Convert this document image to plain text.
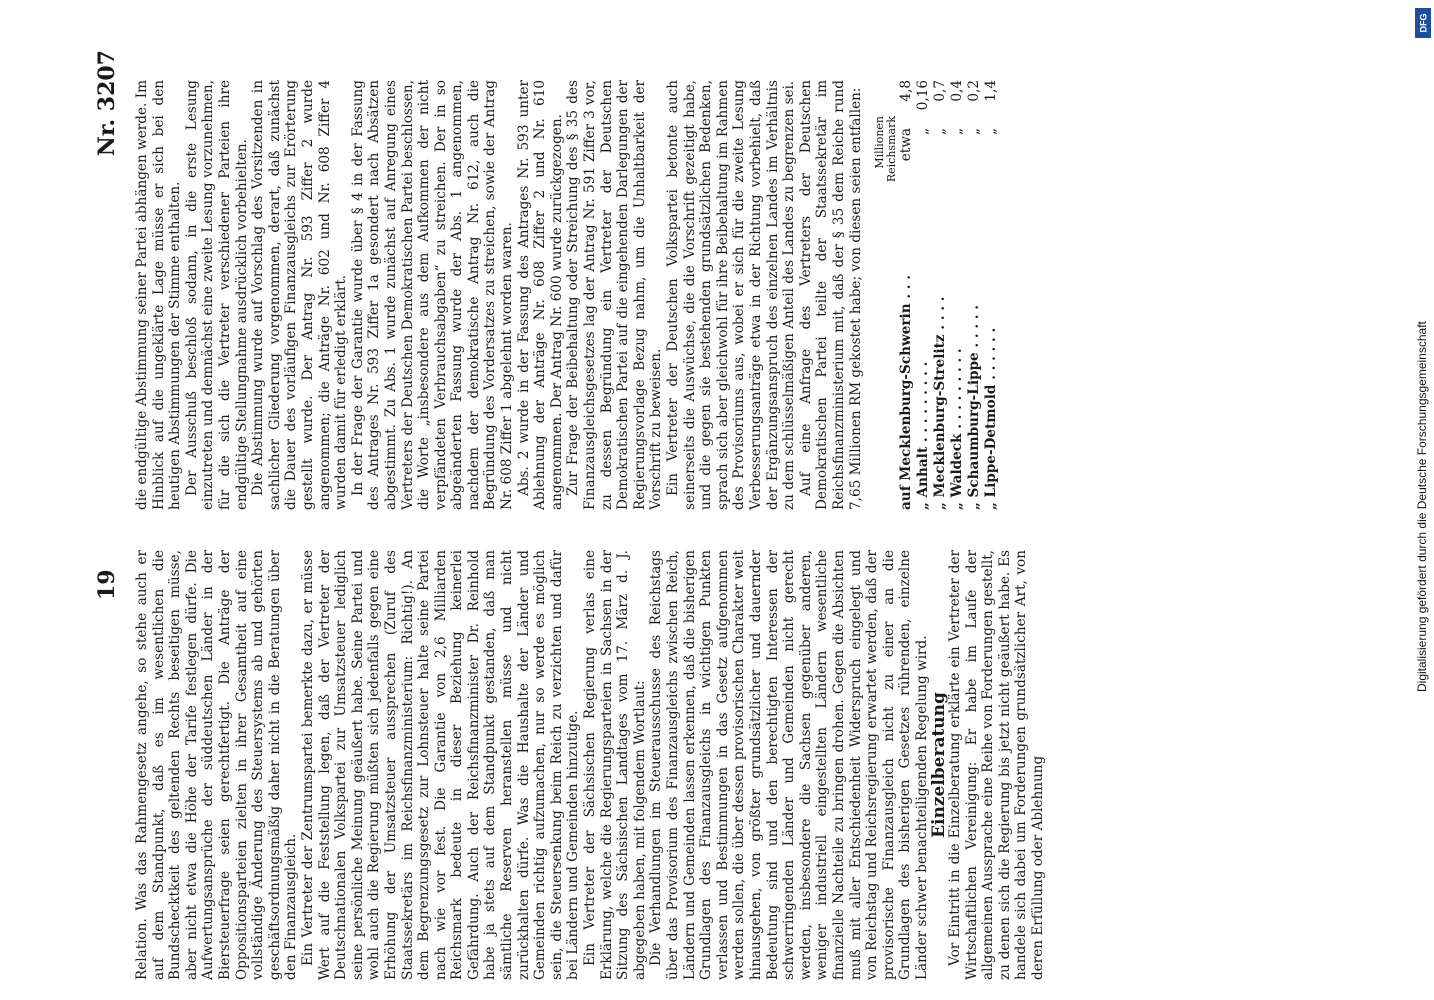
19
Nr. 3207

Relation. Was das Rahmengesetz angehe, so stehe auch er auf dem Standpunkt, daß es im wesentlichen die Bundschecktkeit des geltenden Rechts beseitigen müsse, aber nicht etwa die Höhe der Tarife festlegen dürfe. Die Aufwertungsansprüche der süddeutschen Länder in der Biersteuerfrage seien gerechtfertigt. Die Anträge der Oppositionsparteien zielten in ihrer Gesamtheit auf eine vollständige Änderung des Steuersystems ab und gehörten geschäftsordnungsmäßig daher nicht in die Beratungen über den Finanzausgleich. Ein Vertreter der Zentrumspartei bemerkte dazu, er müsse Wert auf die Feststellung legen, daß der Vertreter der Deutschnationalen Volkspartei zur Umsatzsteuer lediglich seine persönliche Meinung geäußert habe. Seine Partei und wohl auch die Regierung müßten sich jedenfalls gegen eine Erhöhung der Umsatzsteuer aussprechen (Zuruf des Staatssekretärs im Reichsfinanzministerium: Richtig!). An dem Begrenzungsgesetz zur Lohnsteuer halte seine Partei nach wie vor fest. Die Garantie von 2,6 Milliarden Reichsmark bedeute in dieser Beziehung keinerlei Gefährdung. Auch der Reichsfinanzminister Dr. Reinhold habe ja stets auf dem Standpunkt gestanden, daß man sämtliche Reserven heranstellen müsse und nicht zurückhalten dürfe. Was die Haushalte der Länder und Gemeinden richtig aufzumachen, nur so werde es möglich sein, die Steuersenkung beim Reich zu verzichten und dafür bei Ländern und Gemeinden hinzutige. Ein Vertreter der Sächsischen Regierung verlas eine Erklärung, welche die Regierungsparteien in Sachsen in der Sitzung des Sächsischen Landtages vom 17. März d. J. abgegeben haben, mit folgendem Wortlaut: Die Verhandlungen im Steuerausschusse des Reichstags über das Provisorium des Finanzausgleichs zwischen Reich, Ländern und Gemeinden lassen erkennen, daß die bisherigen Grundlagen des Finanzausgleichs in wichtigen Punkten verlassen und Bestimmungen in das Gesetz aufgenommen werden sollen, die über dessen provisorischen Charakter weit hinausgehen, von größter grundsätzlicher und dauernder Bedeutung sind und den berechtigten Interessen der schwerringenden Länder und Gemeinden nicht gerecht werden, insbesondere die Sachsen gegenüber anderen, weniger industriell eingestellten Ländern wesentliche finanzielle Nachteile zu bringen drohen. Gegen die Absichten muß mit aller Entschiedenheit Widerspruch eingelegt und von Reichstag und Reichsregierung erwartet werden, daß der provisorische Finanzausgleich nicht zu einer an die Grundlagen des bisherigen Gesetzes rührenden, einzelne Länder schwer benachteiligenden Regelung wird.

Einzelberatung

Vor Eintritt in die Einzelberatung erklärte ein Vertreter der Wirtschaftlichen Vereinigung: Er habe im Laufe der allgemeinen Aussprache eine Reihe von Forderungen gestellt, zu denen sich die Regierung bis jetzt nicht geäußert habe. Es handele sich dabei um Forderungen grundsätzlicher Art, von deren Erfüllung oder Ablehnung

die endgültige Abstimmung seiner Partei abhängen werde. Im Hinblick auf die ungeklärte Lage müsse er sich bei den heutigen Abstimmungen der Stimme enthalten. Der Ausschuß beschloß sodann, in die erste Lesung einzutreten und demnächst eine zweite Lesung vorzunehmen, für die sich die Vertreter verschiedener Parteien ihre endgültige Stellungnahme ausdrücklich vorbehielten. Die Abstimmung wurde auf Vorschlag des Vorsitzenden in sachlicher Gliederung vorgenommen, derart, daß zunächst die Dauer des vorläufigen Finanzausgleichs zur Erörterung gestellt wurde. Der Antrag Nr. 593 Ziffer 2 wurde angenommen; die Anträge Nr. 602 und Nr. 608 Ziffer 4 wurden damit für erledigt erklärt. In der Frage der Garantie wurde über § 4 in der Fassung des Antrages Nr. 593 Ziffer 1a gesondert nach Absätzen abgestimmt. Zu Abs. 1 wurde zunächst auf Anregung eines Vertreters der Deutschen Demokratischen Partei beschlossen, die Worte „insbesondere aus dem Aufkommen der nicht verpfändeten Verbrauchsabgaben“ zu streichen. Der in so abgeänderten Fassung wurde der Abs. 1 angenommen, nachdem der demokratische Antrag Nr. 612, auch die Begründung des Vordersatzes zu streichen, sowie der Antrag Nr. 608 Ziffer 1 abgelehnt worden waren. Abs. 2 wurde in der Fassung des Antrages Nr. 593 unter Ablehnung der Anträge Nr. 608 Ziffer 2 und Nr. 610 angenommen. Der Antrag Nr. 600 wurde zurückgezogen. Zur Frage der Beibehaltung oder Streichung des § 35 des Finanzausgleichsgesetzes lag der Antrag Nr. 591 Ziffer 3 vor, zu dessen Begründung ein Vertreter der Deutschen Demokratischen Partei auf die eingehenden Darlegungen der Regierungsvorlage Bezug nahm, um die Unhaltbarkeit der Vorschrift zu beweisen. Ein Vertreter der Deutschen Volkspartei betonte auch seinerseits die Auswüchse, die die Vorschrift gezeitigt habe, und die gegen sie bestehenden grundsätzlichen Bedenken, sprach sich aber gleichwohl für ihre Beibehaltung im Rahmen des Provisoriums aus, wobei er sich für die zweite Lesung Verbesserungsanträge etwa in der Richtung vorbehielt, daß der Ergänzungsanspruch des einzelnen Landes im Verhältnis zu dem schlüsselmäßigen Anteil des Landes zu begrenzen sei. Auf eine Anfrage des Vertreters der Deutschen Demokratischen Partei teilte der Staatssekretär im Reichsfinanzministerium mit, daß der § 35 dem Reiche rund 7,65 Millionen RM gekostet habe; von diesen seien entfallen: Millionen Reichsmark
auf Mecklenburg-Schwerin . . .
etwa
4,8
„ Anhalt . . . . . . . . .
„
0,16
„ Mecklenburg-Strelitz . . . .
„
0,7
„ Waldeck . . . . . . . . .
„
0,4
„ Schaumburg-Lippe . . . . .
„
0,2
„ Lippe-Detmold . . . . . .
„
1,4
DFG
Digitalisierung gefördert durch die Deutsche Forschungsgemeinschaft
